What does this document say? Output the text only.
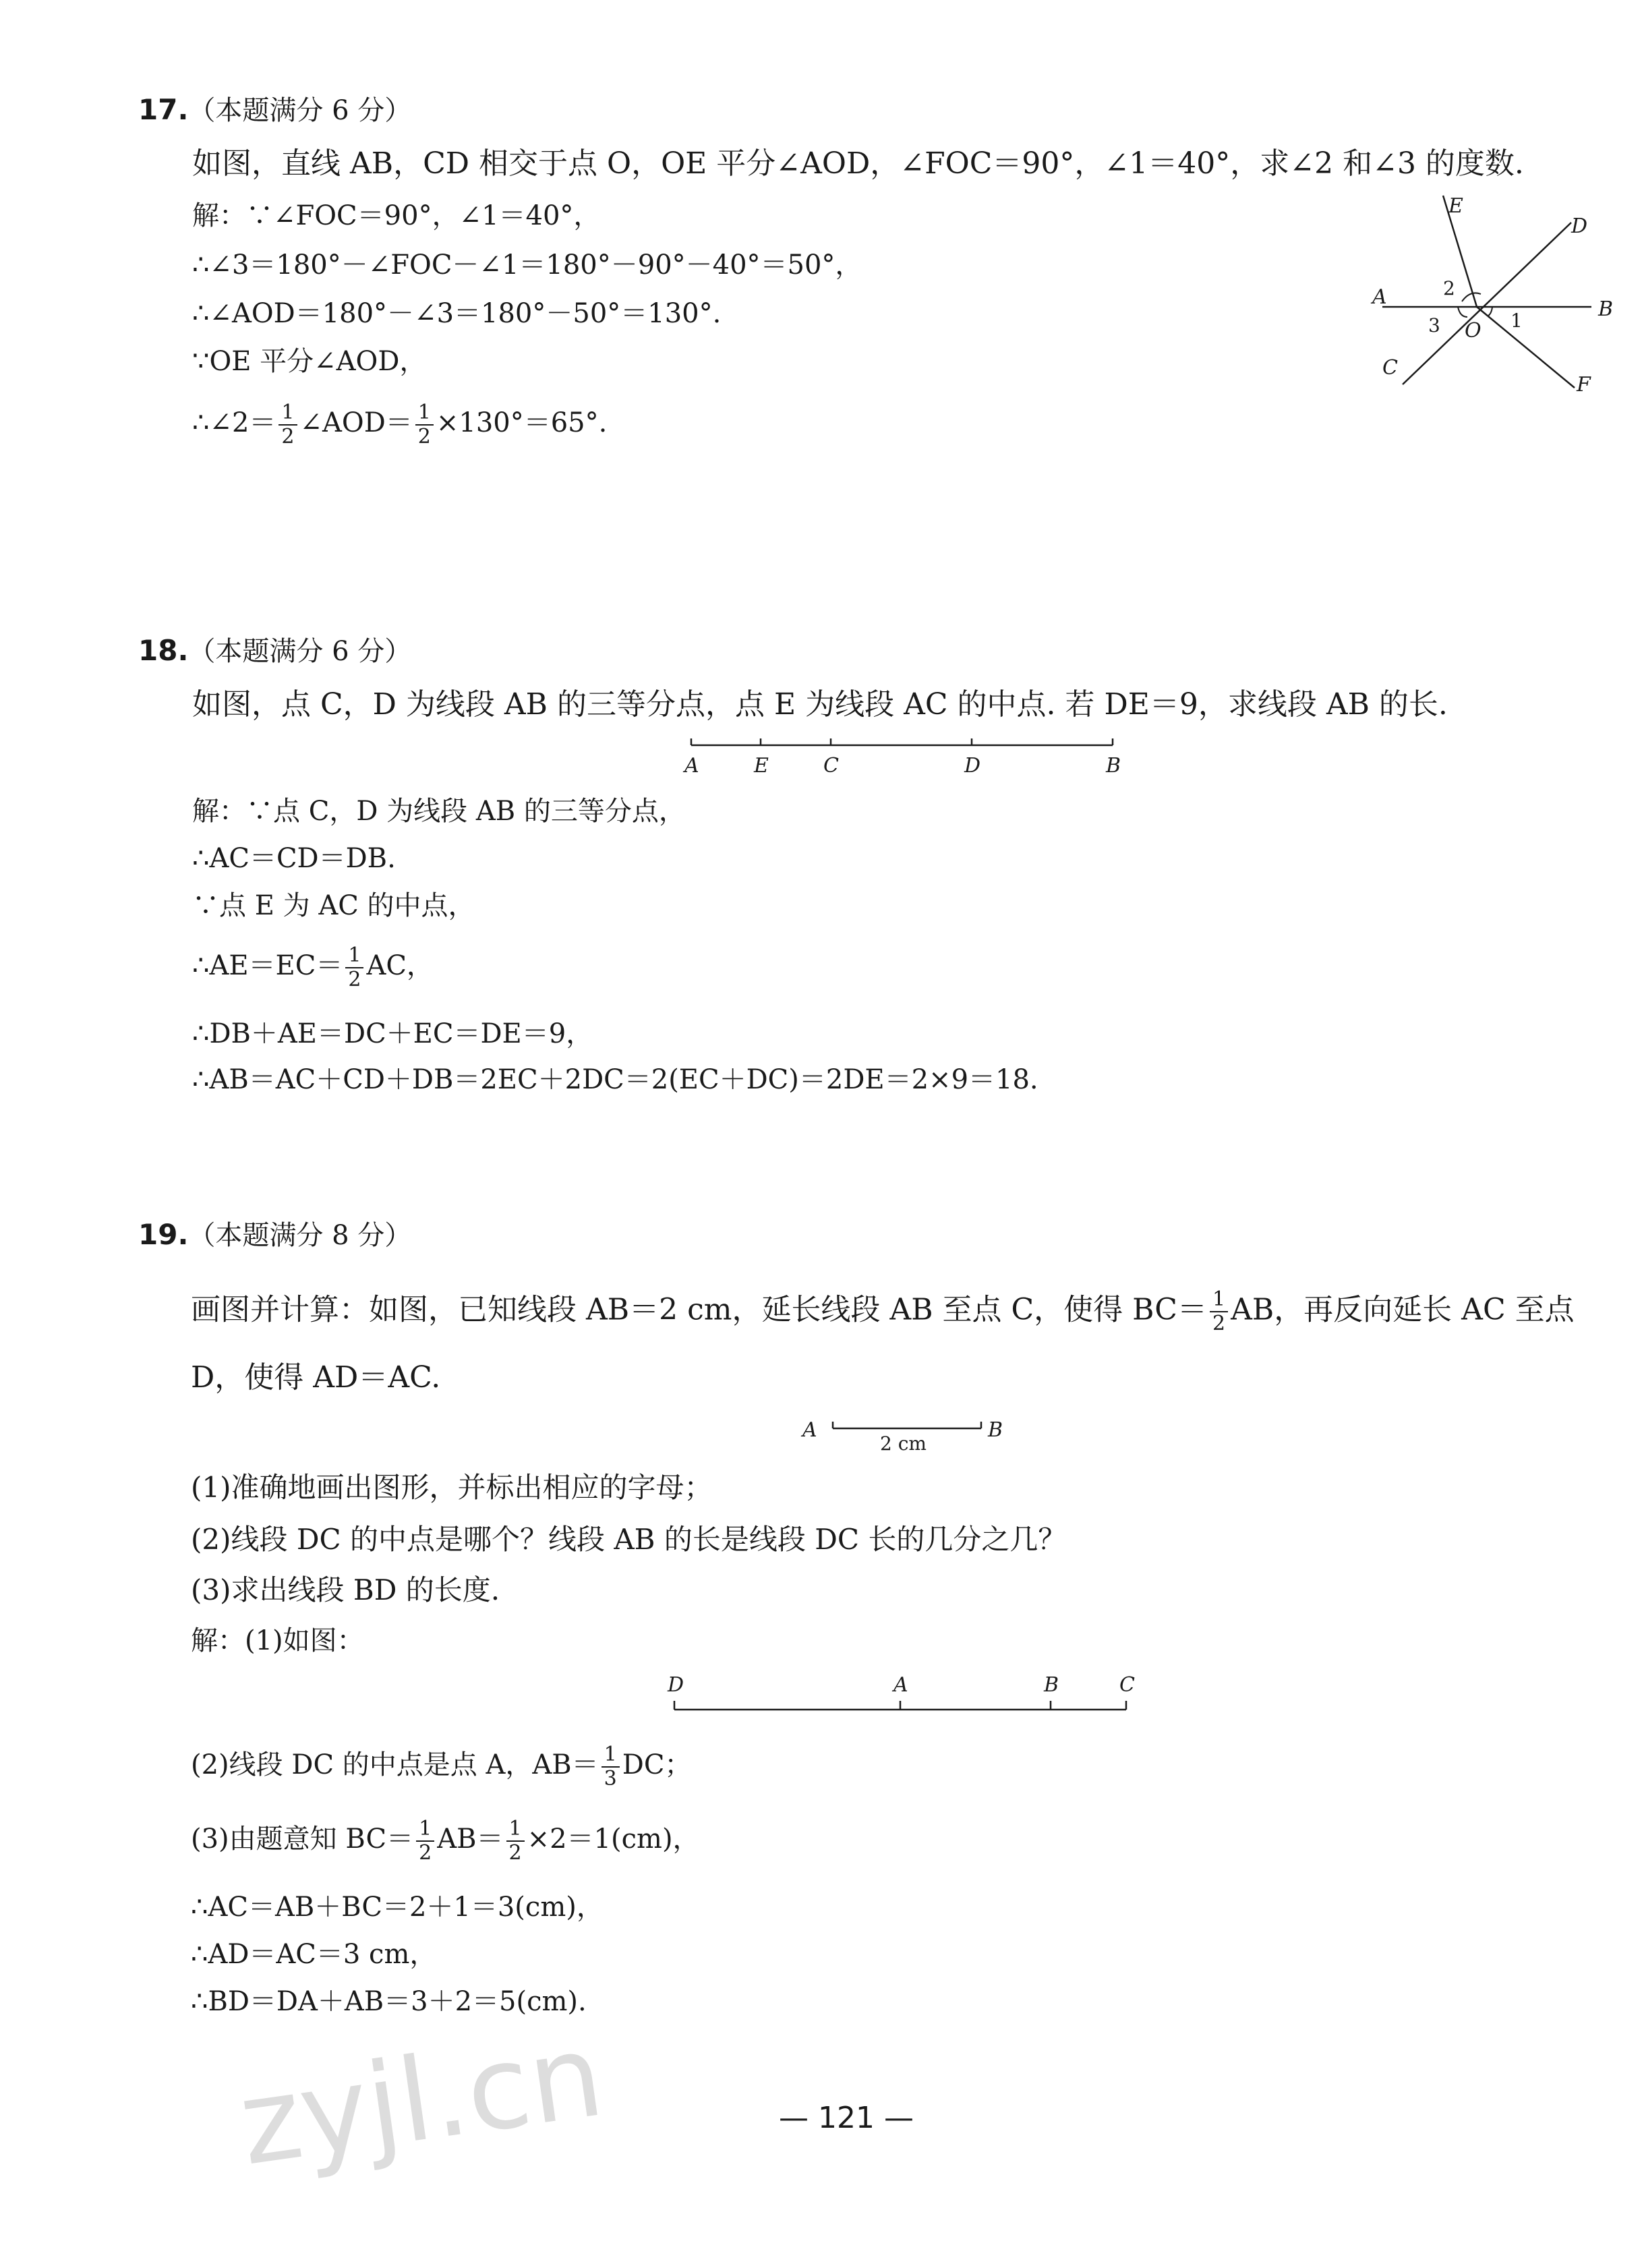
17.（本题满分 6 分）
如图，直线 AB，CD 相交于点 O，OE 平分∠AOD，∠FOC＝90°，∠1＝40°，求∠2 和∠3 的度数.
解：∵∠FOC＝90°，∠1＝40°，
∴∠3＝180°－∠FOC－∠1＝180°－90°－40°＝50°，
∴∠AOD＝180°－∠3＝180°－50°＝130°.
∵OE 平分∠AOD，
∴∠2＝ $\frac{1}{2}$ ∠AOD＝ $\frac{1}{2} \times 130^\circ=65^\circ$.
E
D
A
B
O
C
F
2
3	1
18.（本题满分 6 分）
如图，点 C，D 为线段 AB 的三等分点，点 E 为线段 AC 的中点. 若 DE＝9，求线段 AB 的长.
A	E	C	D	B
解：∵点 C，D 为线段 AB 的三等分点，
∴AC＝CD＝DB.
∵点 E 为 AC 的中点，
∴AE＝EC＝ $\frac{1}{2}$ AC，
∴DB＋AE＝DC＋EC＝DE＝9，
∴AB＝AC＋CD＋DB＝2EC＋2DC＝2(EC＋DC)＝2DE＝2×9＝18.
19.（本题满分 8 分）
画图并计算：如图，已知线段 AB＝2 cm，延长线段 AB 至点 C，使得 $BC= \frac{1}{2}$ AB，再反向延长 AC 至点
D，使得 AD＝AC.
A	B
2 cm
(1)准确地画出图形，并标出相应的字母；
(2)线段 DC 的中点是哪个？线段 AB 的长是线段 DC 长的几分之几？
(3)求出线段 BD 的长度.
解：(1)如图：
D	A	B	C
(2)线段 DC 的中点是点 A，$AB= \frac{1}{3}$ DC；
(3)由题意知 $BC= \frac{1}{2} AB= \frac{1}{2} \times 2=1(cm)$，
∴AC＝AB＋BC＝2＋1＝3(cm)，
∴AD＝AC＝3 cm，
∴BD＝DA＋AB＝3＋2＝5(cm).
zyjl.cn	— 121 —
